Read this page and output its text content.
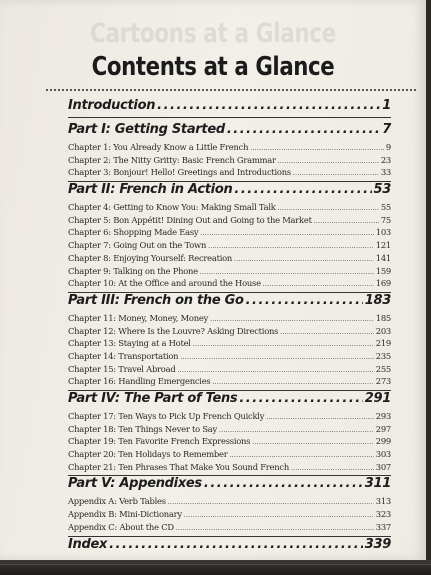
Cartoons at a Glance
Contents at a Glance
Introduction .....	1
Part I: Getting Started .....	7
Chapter 1: You Already Know a Little French .....	9
Chapter 2: The Nitty Gritty: Basic French Grammar .....	23
Chapter 3: Bonjour! Hello! Greetings and Introductions .....	33
Part II: French in Action .....	53
Chapter 4: Getting to Know You: Making Small Talk .....	55
Chapter 5: Bon Appétit! Dining Out and Going to the Market .....	75
Chapter 6: Shopping Made Easy .....	103
Chapter 7: Going Out on the Town .....	121
Chapter 8: Enjoying Yourself: Recreation .....	141
Chapter 9: Talking on the Phone .....	159
Chapter 10: At the Office and around the House .....	169
Part III: French on the Go .....	183
Chapter 11: Money, Money, Money .....	185
Chapter 12: Where Is the Louvre? Asking Directions .....	203
Chapter 13: Staying at a Hotel .....	219
Chapter 14: Transportation .....	235
Chapter 15: Travel Abroad .....	255
Chapter 16: Handling Emergencies .....	273
Part IV: The Part of Tens .....	291
Chapter 17: Ten Ways to Pick Up French Quickly .....	293
Chapter 18: Ten Things Never to Say .....	297
Chapter 19: Ten Favorite French Expressions .....	299
Chapter 20: Ten Holidays to Remember .....	303
Chapter 21: Ten Phrases That Make You Sound French .....	307
Part V: Appendixes .....	311
Appendix A: Verb Tables .....	313
Appendix B: Mini-Dictionary .....	323
Appendix C: About the CD .....	337
Index .....	339
